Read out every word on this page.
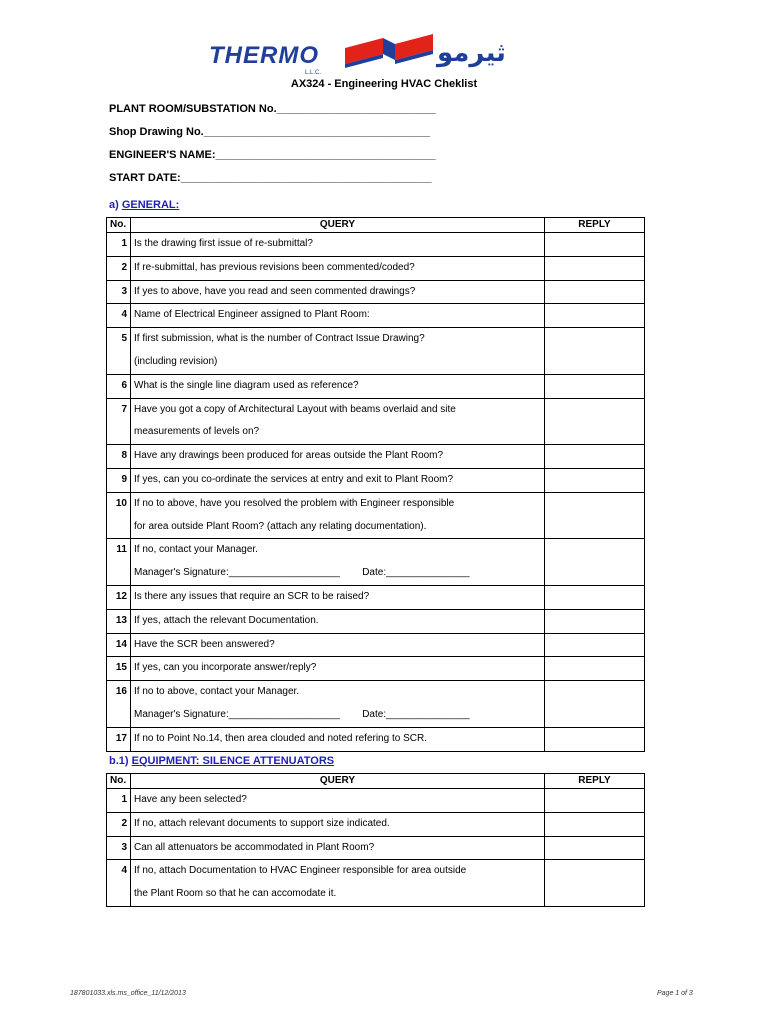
THERMO
L.L.C.
ثيرمو
AX324 - Engineering HVAC Cheklist
PLANT ROOM/SUBSTATION No.__________________________
Shop Drawing No._____________________________________
ENGINEER'S NAME:____________________________________
START DATE:_________________________________________
a) GENERAL:
No.	QUERY	REPLY
1	Is the drawing first issue of re-submittal?	

2	If re-submittal, has previous revisions been commented/coded?	

3	If yes to above, have you read and seen commented drawings?	

4	Name of Electrical Engineer assigned to Plant Room:	

5	If first submission, what is the number of Contract Issue Drawing?
(including revision)	

6	What is the single line diagram used as reference?	

7	Have you got a copy of Architectural Layout with beams overlaid and site
measurements of levels on?	

8	Have any drawings been produced for areas outside the Plant Room?	

9	If yes, can you co-ordinate the services at entry and exit to Plant Room?	

10	If no to above, have you resolved the problem with Engineer responsible
for area outside Plant Room? (attach any relating documentation).	

11	If no, contact your Manager.
Manager's Signature:____________________        Date:_______________	

12	Is there any issues that require an SCR to be raised?	

13	If yes, attach the relevant Documentation.	

14	Have the SCR been answered?	

15	If yes, can you incorporate answer/reply?	

16	If no to above, contact your Manager.
Manager's Signature:____________________        Date:_______________	

17	If no to Point No.14, then area clouded and noted refering to SCR.	

b.1) EQUIPMENT: SILENCE ATTENUATORS
No.	QUERY	REPLY
1	Have any been selected?	

2	If no, attach relevant documents to support size indicated.	

3	Can all attenuators be accommodated in Plant Room?	

4	If no, attach Documentation to HVAC Engineer responsible for area outside
the Plant Room so that he can accomodate it.	

187801033.xls.ms_office_11/12/2013	Page 1 of 3
